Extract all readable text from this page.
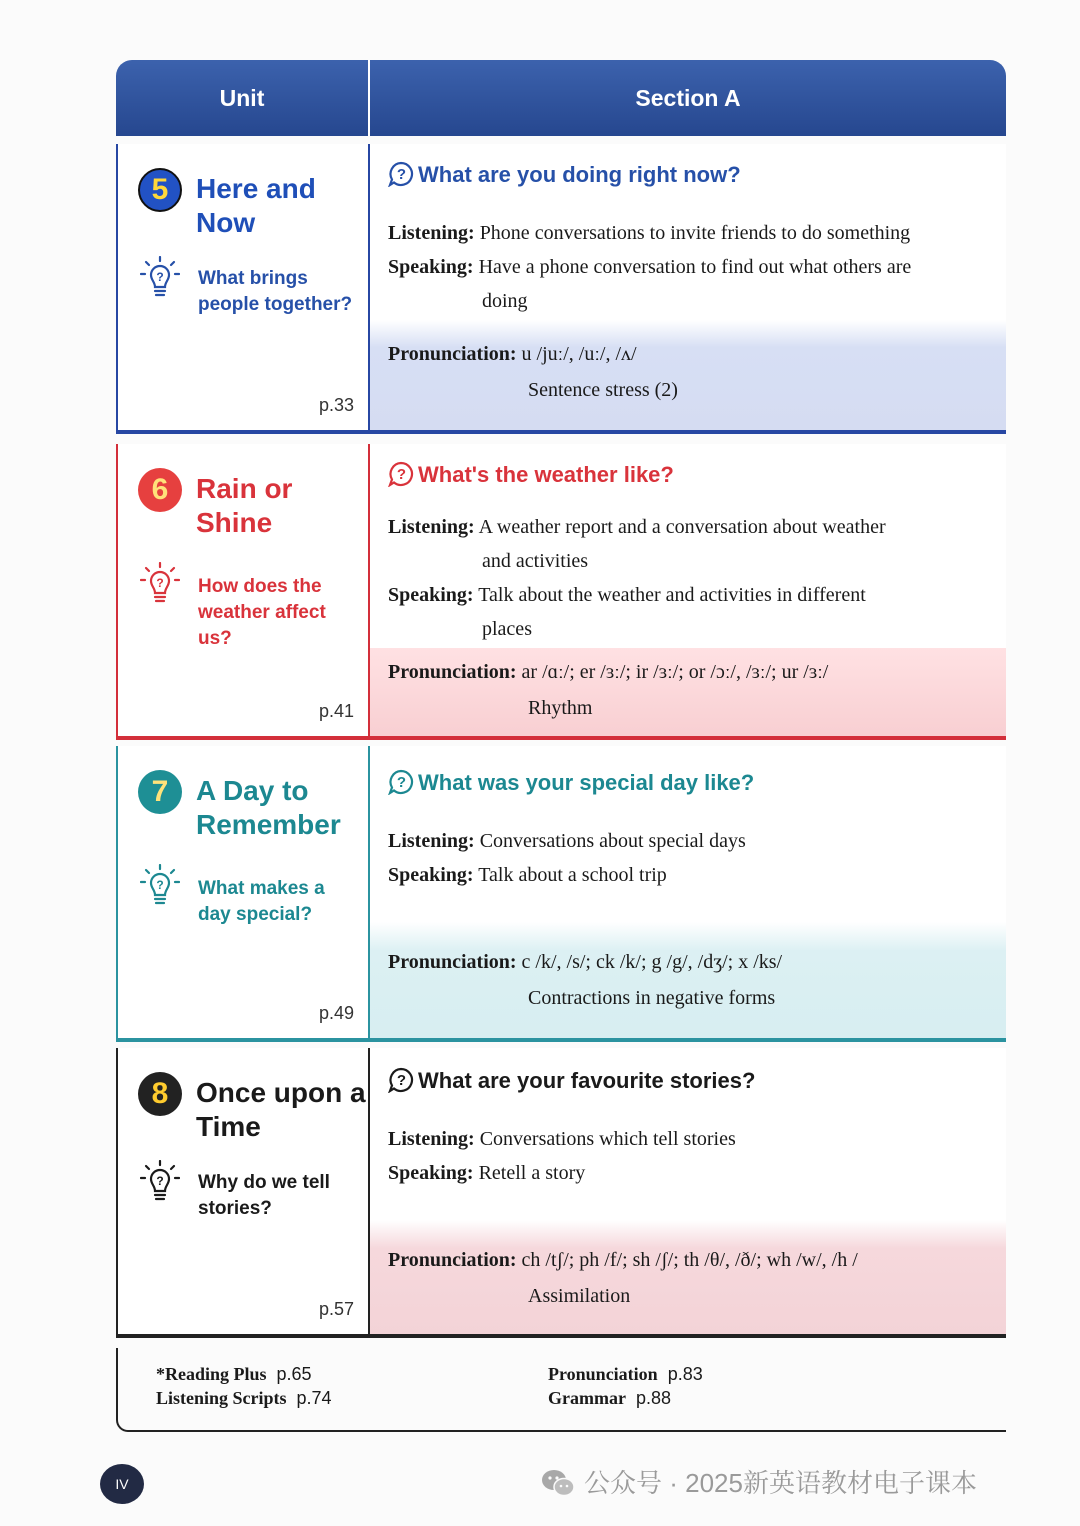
Unit	Section A
5 Here and
Now
What brings
people together?
p.33
What are you doing right now?
Listening: Phone conversations to invite friends to do something
Speaking: Have a phone conversation to find out what others are
doing
Pronunciation: u /juː/, /uː/, /ʌ/
Sentence stress (2)
6 Rain or
Shine
How does the
weather affect
us?
p.41
What's the weather like?
Listening: A weather report and a conversation about weather
and activities
Speaking: Talk about the weather and activities in different
places
Pronunciation: ar /ɑː/; er /ɜː/; ir /ɜː/; or /ɔː/, /ɜː/; ur /ɜː/
Rhythm
7 A Day to
Remember
What makes a
day special?
p.49
What was your special day like?
Listening: Conversations about special days
Speaking: Talk about a school trip
Pronunciation: c /k/, /s/; ck /k/; g /g/, /dʒ/; x /ks/
Contractions in negative forms
8 Once upon a
Time
Why do we tell
stories?
p.57
What are your favourite stories?
Listening: Conversations which tell stories
Speaking: Retell a story
Pronunciation: ch /tʃ/; ph /f/; sh /ʃ/; th /θ/, /ð/; wh /w/, /h /
Assimilation
*Reading Plus p.65
Listening Scripts p.74
Pronunciation p.83
Grammar p.88
IV	公众号 · 2025新英语教材电子课本
